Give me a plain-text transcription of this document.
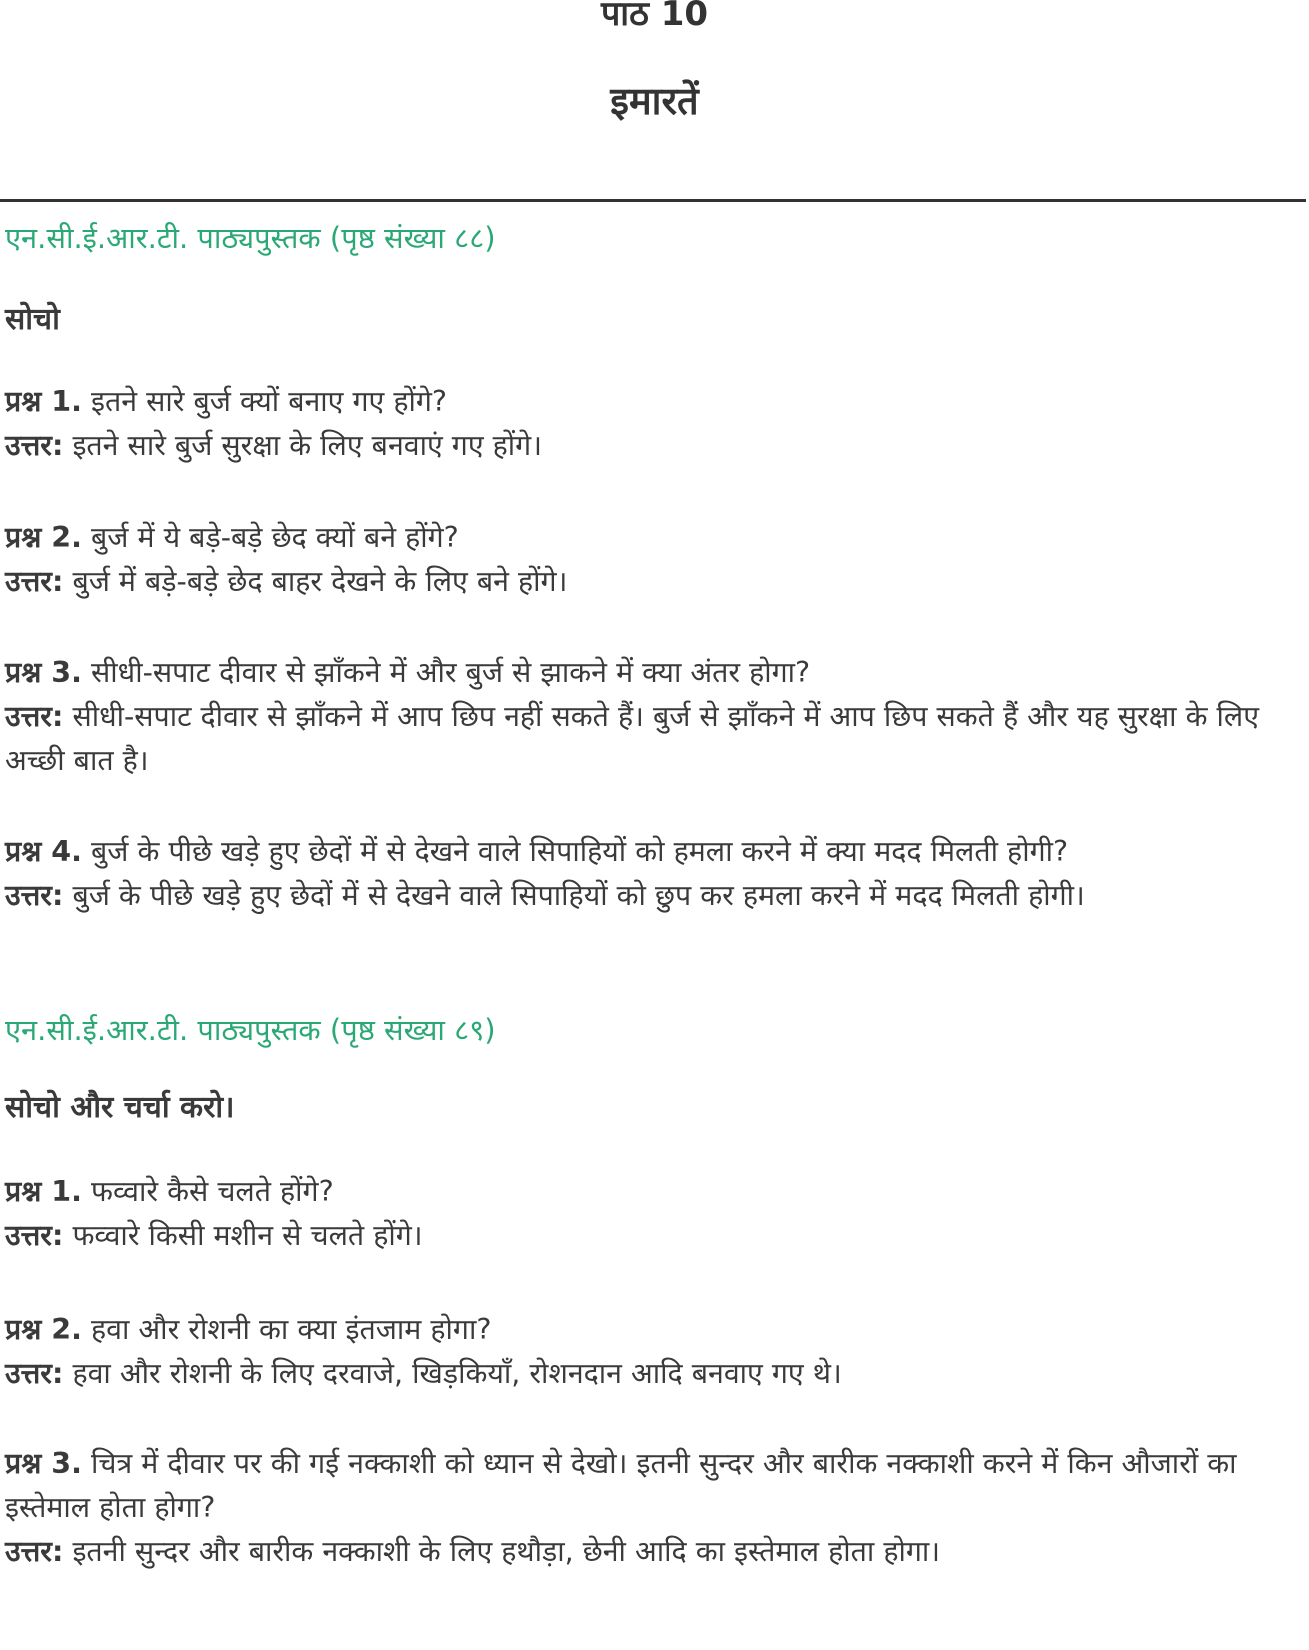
पाठ 10
इमारतें
एन.सी.ई.आर.टी. पाठ्यपुस्तक (पृष्ठ संख्या ८८)
सोचो

प्रश्न 1. इतने सारे बुर्ज क्यों बनाए गए होंगे?

उत्तर: इतने सारे बुर्ज सुरक्षा के लिए बनवाएं गए होंगे।

प्रश्न 2. बुर्ज में ये बड़े-बड़े छेद क्यों बने होंगे?

उत्तर: बुर्ज में बड़े-बड़े छेद बाहर देखने के लिए बने होंगे।

प्रश्न 3. सीधी-सपाट दीवार से झाँकने में और बुर्ज से झाकने में क्या अंतर होगा?

उत्तर: सीधी-सपाट दीवार से झाँकने में आप छिप नहीं सकते हैं। बुर्ज से झाँकने में आप छिप सकते हैं और यह सुरक्षा के लिए अच्छी बात है।

प्रश्न 4. बुर्ज के पीछे खड़े हुए छेदों में से देखने वाले सिपाहियों को हमला करने में क्या मदद मिलती होगी?

उत्तर: बुर्ज के पीछे खड़े हुए छेदों में से देखने वाले सिपाहियों को छुप कर हमला करने में मदद मिलती होगी।

एन.सी.ई.आर.टी. पाठ्यपुस्तक (पृष्ठ संख्या ८९)
सोचो और चर्चा करो।

प्रश्न 1. फव्वारे कैसे चलते होंगे?

उत्तर: फव्वारे किसी मशीन से चलते होंगे।

प्रश्न 2. हवा और रोशनी का क्या इंतजाम होगा?

उत्तर: हवा और रोशनी के लिए दरवाजे, खिड़कियाँ, रोशनदान आदि बनवाए गए थे।

प्रश्न 3. चित्र में दीवार पर की गई नक्काशी को ध्यान से देखो। इतनी सुन्दर और बारीक नक्काशी करने में किन औजारों का इस्तेमाल होता होगा?

उत्तर: इतनी सुन्दर और बारीक नक्काशी के लिए हथौड़ा, छेनी आदि का इस्तेमाल होता होगा।
